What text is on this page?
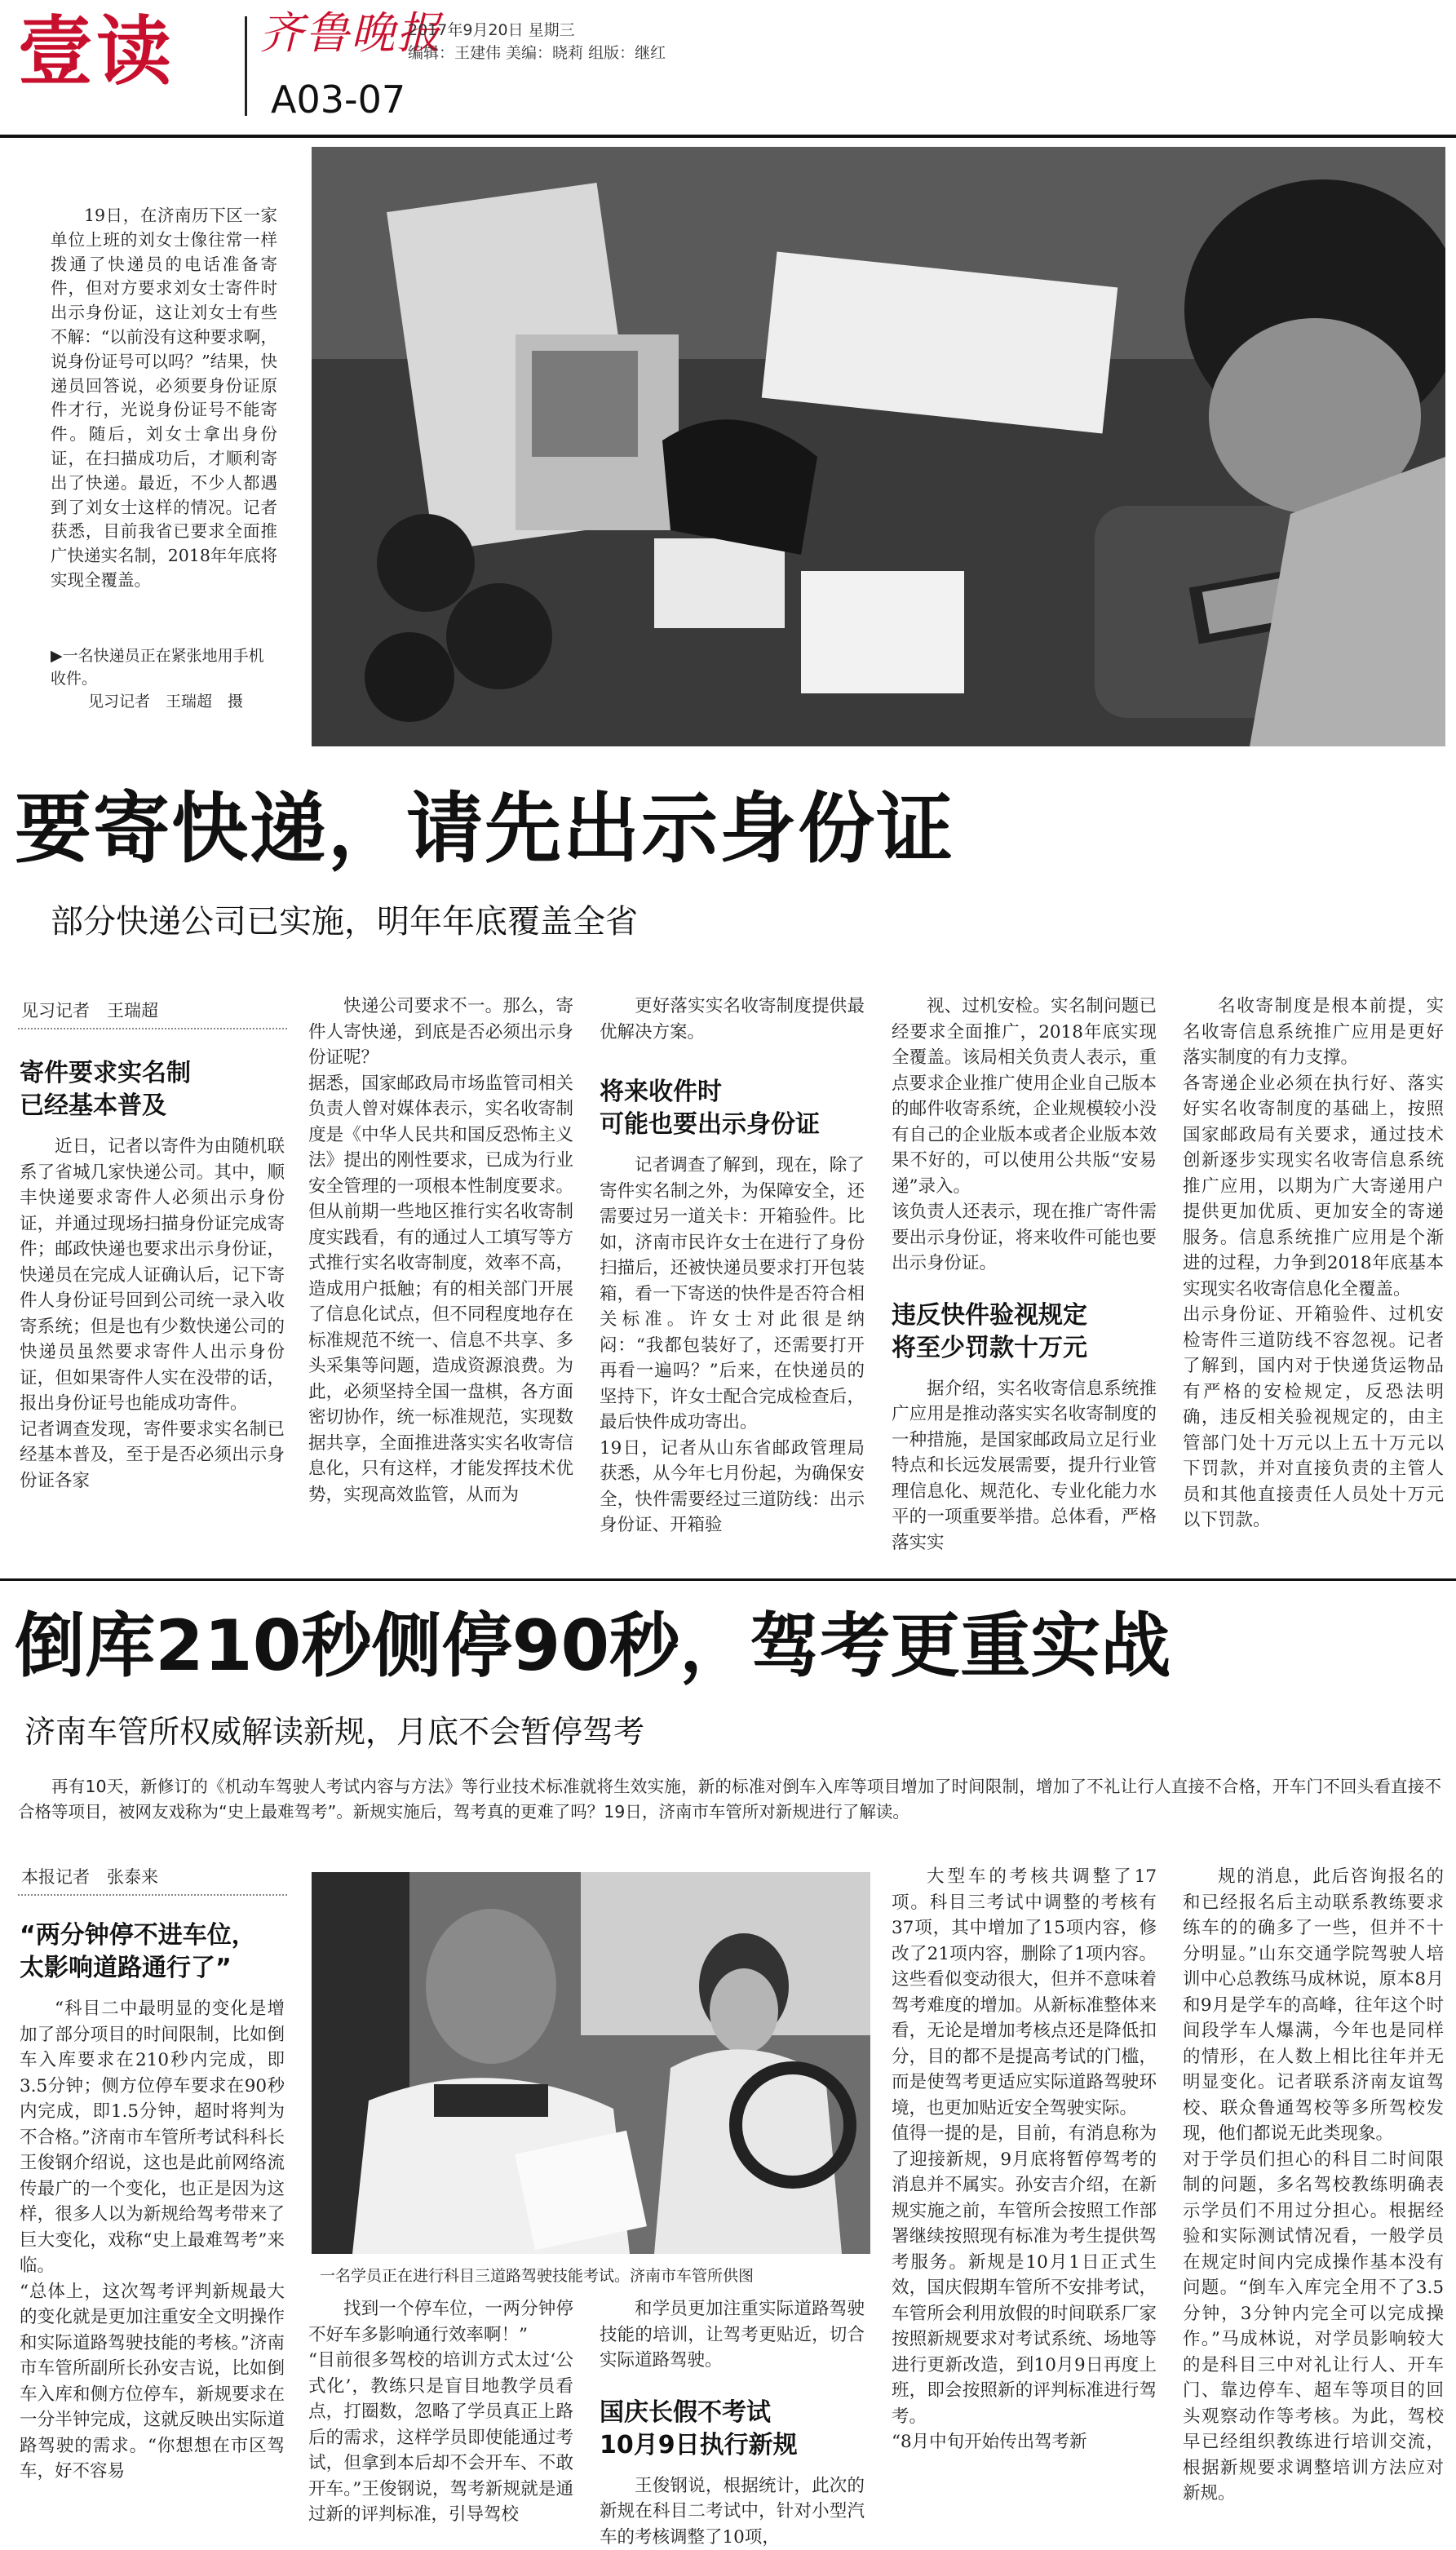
壹读 齐鲁晚报
2017年9月20日 星期三
编辑：王建伟 美编：晓莉 组版：继红
A03-07

19日，在济南历下区一家单位上班的刘女士像往常一样拨通了快递员的电话准备寄件，但对方要求刘女士寄件时出示身份证，这让刘女士有些不解：“以前没有这种要求啊，说身份证号可以吗？”结果，快递员回答说，必须要身份证原件才行，光说身份证号不能寄件。随后，刘女士拿出身份证，在扫描成功后，才顺利寄出了快递。最近，不少人都遇到了刘女士这样的情况。记者获悉，目前我省已要求全面推广快递实名制，2018年年底将实现全覆盖。

▶一名快递员正在紧张地用手机收件。
见习记者　王瑞超　摄
要寄快递，请先出示身份证
部分快递公司已实施，明年年底覆盖全省
见习记者　王瑞超
寄件要求实名制
已经基本普及
近日，记者以寄件为由随机联系了省城几家快递公司。其中，顺丰快递要求寄件人必须出示身份证，并通过现场扫描身份证完成寄件；邮政快递也要求出示身份证，快递员在完成人证确认后，记下寄件人身份证号回到公司统一录入收寄系统；但是也有少数快递公司的快递员虽然要求寄件人出示身份证，但如果寄件人实在没带的话，报出身份证号也能成功寄件。
记者调查发现，寄件要求实名制已经基本普及，至于是否必须出示身份证各家
快递公司要求不一。那么，寄件人寄快递，到底是否必须出示身份证呢？
据悉，国家邮政局市场监管司相关负责人曾对媒体表示，实名收寄制度是《中华人民共和国反恐怖主义法》提出的刚性要求，已成为行业安全管理的一项根本性制度要求。但从前期一些地区推行实名收寄制度实践看，有的通过人工填写等方式推行实名收寄制度，效率不高，造成用户抵触；有的相关部门开展了信息化试点，但不同程度地存在标准规范不统一、信息不共享、多头采集等问题，造成资源浪费。为此，必须坚持全国一盘棋，各方面密切协作，统一标准规范，实现数据共享，全面推进落实实名收寄信息化，只有这样，才能发挥技术优势，实现高效监管，从而为
更好落实实名收寄制度提供最优解决方案。
将来收件时
可能也要出示身份证
记者调查了解到，现在，除了寄件实名制之外，为保障安全，还需要过另一道关卡：开箱验件。比如，济南市民许女士在进行了身份扫描后，还被快递员要求打开包装箱，看一下寄送的快件是否符合相关标准。许女士对此很是纳闷：“我都包装好了，还需要打开再看一遍吗？”后来，在快递员的坚持下，许女士配合完成检查后，最后快件成功寄出。
19日，记者从山东省邮政管理局获悉，从今年七月份起，为确保安全，快件需要经过三道防线：出示身份证、开箱验
视、过机安检。实名制问题已经要求全面推广，2018年底实现全覆盖。该局相关负责人表示，重点要求企业推广使用企业自己版本的邮件收寄系统，企业规模较小没有自己的企业版本或者企业版本效果不好的，可以使用公共版“安易递”录入。
该负责人还表示，现在推广寄件需要出示身份证，将来收件可能也要出示身份证。
违反快件验视规定
将至少罚款十万元
据介绍，实名收寄信息系统推广应用是推动落实实名收寄制度的一种措施，是国家邮政局立足行业特点和长远发展需要，提升行业管理信息化、规范化、专业化能力水平的一项重要举措。总体看，严格落实实
名收寄制度是根本前提，实名收寄信息系统推广应用是更好落实制度的有力支撑。
各寄递企业必须在执行好、落实好实名收寄制度的基础上，按照国家邮政局有关要求，通过技术创新逐步实现实名收寄信息系统推广应用，以期为广大寄递用户提供更加优质、更加安全的寄递服务。信息系统推广应用是个渐进的过程，力争到2018年底基本实现实名收寄信息化全覆盖。
出示身份证、开箱验件、过机安检寄件三道防线不容忽视。记者了解到，国内对于快递货运物品有严格的安检规定，反恐法明确，违反相关验视规定的，由主管部门处十万元以上五十万元以下罚款，并对直接负责的主管人员和其他直接责任人员处十万元以下罚款。
倒库210秒侧停90秒，驾考更重实战
济南车管所权威解读新规，月底不会暂停驾考
再有10天，新修订的《机动车驾驶人考试内容与方法》等行业技术标准就将生效实施，新的标准对倒车入库等项目增加了时间限制，增加了不礼让行人直接不合格，开车门不回头看直接不合格等项目，被网友戏称为“史上最难驾考”。新规实施后，驾考真的更难了吗？19日，济南市车管所对新规进行了解读。
本报记者　张泰来
“两分钟停不进车位，
太影响道路通行了”
“科目二中最明显的变化是增加了部分项目的时间限制，比如倒车入库要求在210秒内完成，即3.5分钟；侧方位停车要求在90秒内完成，即1.5分钟，超时将判为不合格。”济南市车管所考试科科长王俊钢介绍说，这也是此前网络流传最广的一个变化，也正是因为这样，很多人以为新规给驾考带来了巨大变化，戏称“史上最难驾考”来临。
“总体上，这次驾考评判新规最大的变化就是更加注重安全文明操作和实际道路驾驶技能的考核。”济南市车管所副所长孙安吉说，比如倒车入库和侧方位停车，新规要求在一分半钟完成，这就反映出实际道路驾驶的需求。“你想想在市区驾车，好不容易
一名学员正在进行科目三道路驾驶技能考试。济南市车管所供图
找到一个停车位，一两分钟停不好车多影响通行效率啊！”
“目前很多驾校的培训方式太过‘公式化’，教练只是盲目地教学员看点，打圈数，忽略了学员真正上路后的需求，这样学员即使能通过考试，但拿到本后却不会开车、不敢开车。”王俊钢说，驾考新规就是通过新的评判标准，引导驾校
和学员更加注重实际道路驾驶技能的培训，让驾考更贴近，切合实际道路驾驶。
国庆长假不考试
10月9日执行新规
王俊钢说，根据统计，此次的新规在科目二考试中，针对小型汽车的考核调整了10项，
大型车的考核共调整了17项。科目三考试中调整的考核有37项，其中增加了15项内容，修改了21项内容，删除了1项内容。这些看似变动很大，但并不意味着驾考难度的增加。从新标准整体来看，无论是增加考核点还是降低扣分，目的都不是提高考试的门槛，而是使驾考更适应实际道路驾驶环境，也更加贴近安全驾驶实际。
值得一提的是，目前，有消息称为了迎接新规，9月底将暂停驾考的消息并不属实。孙安吉介绍，在新规实施之前，车管所会按照工作部署继续按照现有标准为考生提供驾考服务。新规是10月1日正式生效，国庆假期车管所不安排考试，车管所会利用放假的时间联系厂家按照新规要求对考试系统、场地等进行更新改造，到10月9日再度上班，即会按照新的评判标准进行驾考。
“8月中旬开始传出驾考新
规的消息，此后咨询报名的和已经报名后主动联系教练要求练车的的确多了一些，但并不十分明显。”山东交通学院驾驶人培训中心总教练马成林说，原本8月和9月是学车的高峰，往年这个时间段学车人爆满，今年也是同样的情形，在人数上相比往年并无明显变化。记者联系济南友谊驾校、联众鲁通驾校等多所驾校发现，他们都说无此类现象。
对于学员们担心的科目二时间限制的问题，多名驾校教练明确表示学员们不用过分担心。根据经验和实际测试情况看，一般学员在规定时间内完成操作基本没有问题。“倒车入库完全用不了3.5分钟，3分钟内完全可以完成操作。”马成林说，对学员影响较大的是科目三中对礼让行人、开车门、靠边停车、超车等项目的回头观察动作等考核。为此，驾校早已经组织教练进行培训交流，根据新规要求调整培训方法应对新规。
